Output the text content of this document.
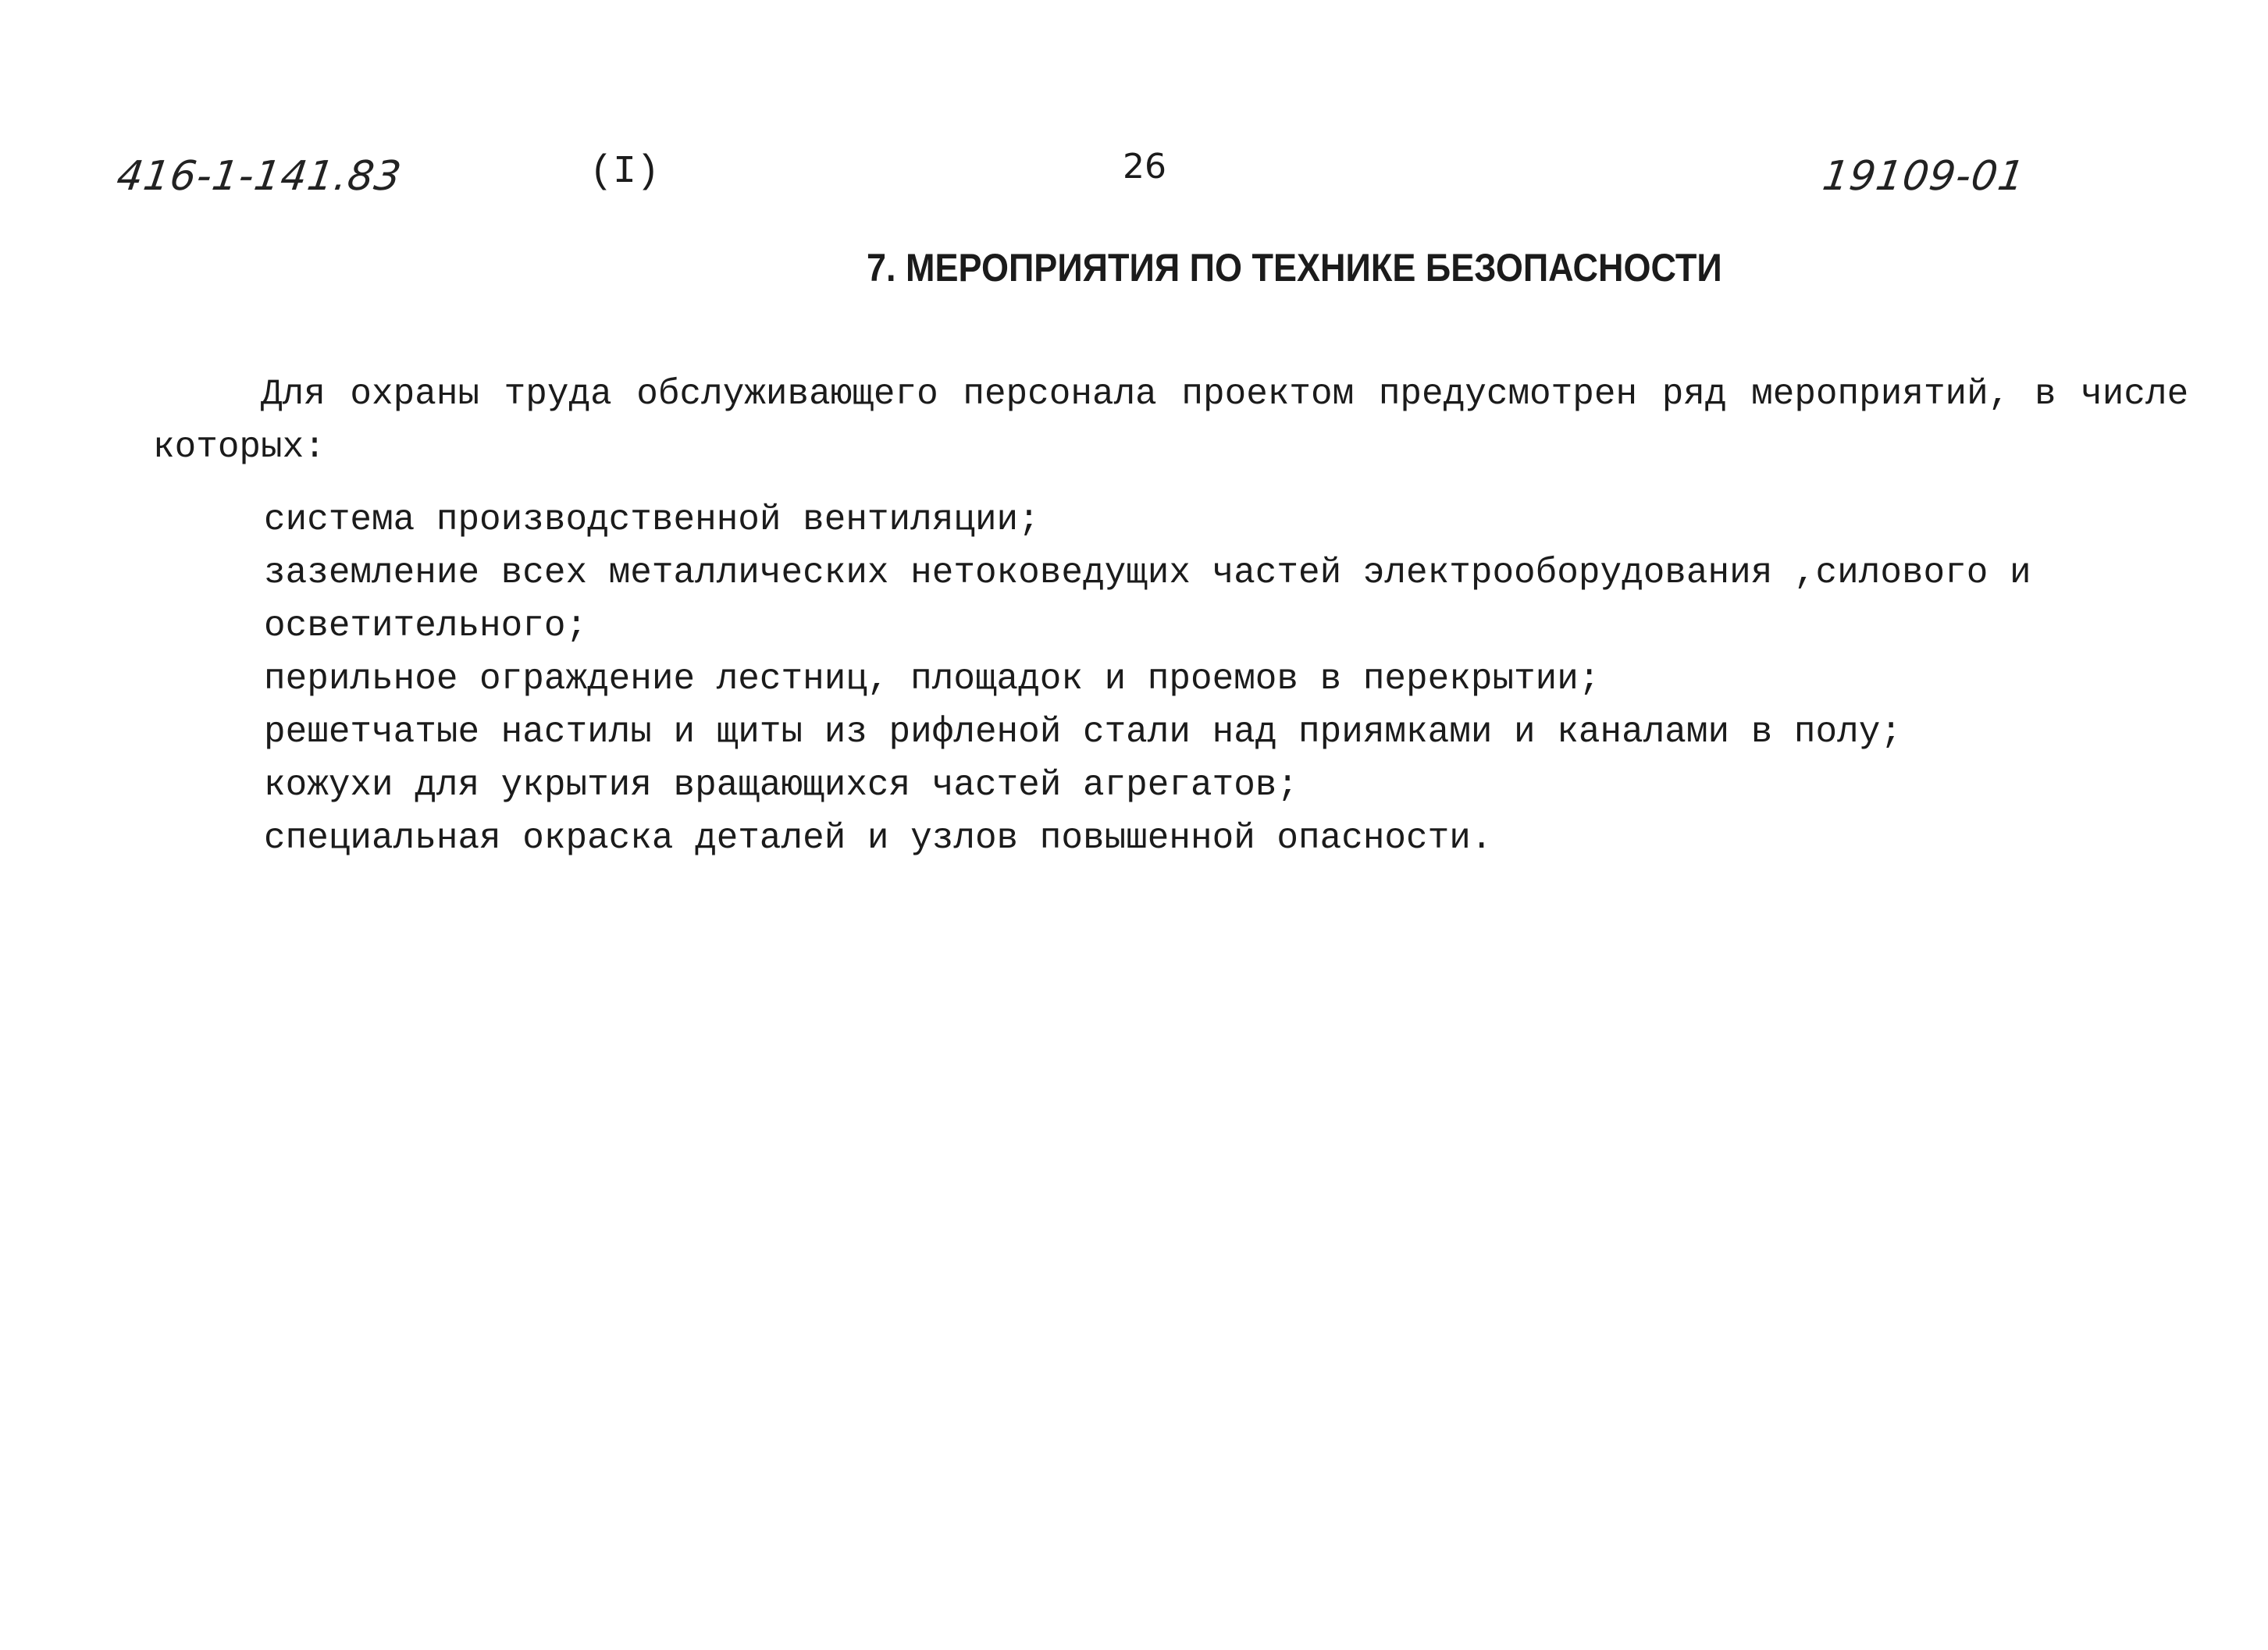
416-1-141.83	(I)	26	19109-01
7. МЕРОПРИЯТИЯ ПО ТЕХНИКЕ БЕЗОПАСНОСТИ

Для охраны труда обслуживающего персонала проектом предусмотрен ряд мероприятий, в числе

которых:

система производственной вентиляции;
заземление всех металлических нетоковедущих частей электрооборудования ,силового и
осветительного;
перильное ограждение лестниц, площадок и проемов в перекрытии;
решетчатые настилы и щиты из рифленой стали над приямками и каналами в полу;
кожухи для укрытия вращающихся частей агрегатов;
специальная окраска деталей и узлов повышенной опасности.
